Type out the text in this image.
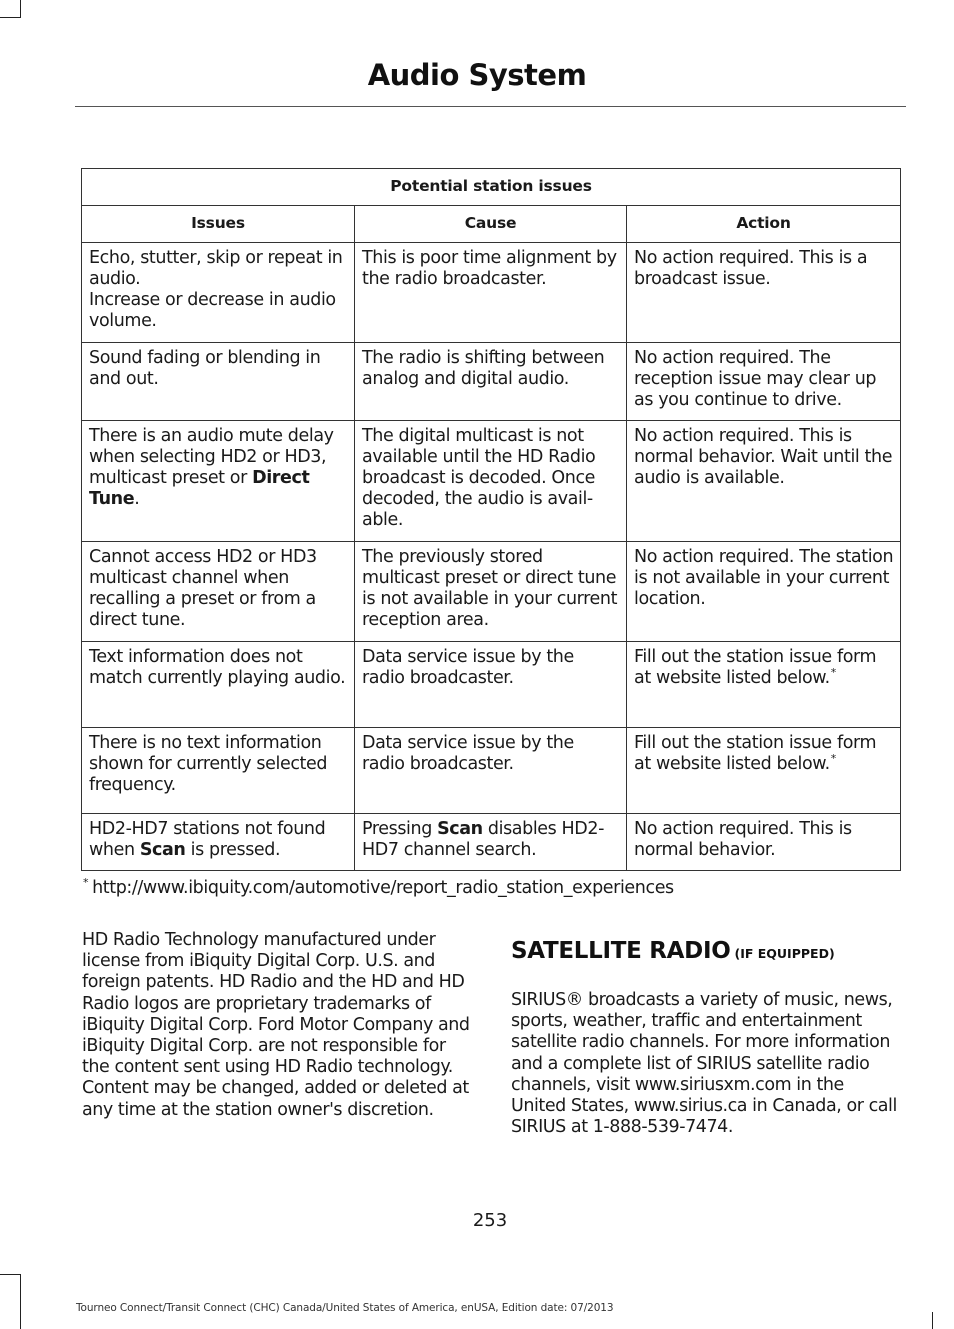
Audio System
Potential station issues		
Issues	Cause	Action

Echo, stutter, skip or repeat in audio.
Increase or decrease in audio volume.	This is poor time alignment by the radio broadcaster.	No action required. This is a broadcast issue.
Sound fading or blending in and out.	The radio is shifting between analog and digital audio.	No action required. The reception issue may clear up as you continue to drive.
There is an audio mute delay when selecting HD2 or HD3, multicast preset or Direct Tune.	The digital multicast is not available until the HD Radio broadcast is decoded. Once decoded, the audio is avail-able.	No action required. This is normal behavior. Wait until the audio is available.
Cannot access HD2 or HD3 multicast channel when recalling a preset or from a direct tune.	The previously stored multicast preset or direct tune is not available in your current reception area.	No action required. The station is not available in your current location.
Text information does not match currently playing audio.	Data service issue by the radio broadcaster.	Fill out the station issue form at website listed below.*
There is no text information shown for currently selected frequency.	Data service issue by the radio broadcaster.	Fill out the station issue form at website listed below.*
HD2-HD7 stations not found when Scan is pressed.	Pressing Scan disables HD2-HD7 channel search.	No action required. This is normal behavior.
* http://www.ibiquity.com/automotive/report_radio_station_experiences
HD Radio Technology manufactured under license from iBiquity Digital Corp. U.S. and foreign patents. HD Radio and the HD and HD Radio logos are proprietary trademarks of iBiquity Digital Corp. Ford Motor Company and iBiquity Digital Corp. are not responsible for the content sent using HD Radio technology. Content may be changed, added or deleted at any time at the station owner's discretion.
SATELLITE RADIO (IF EQUIPPED)
SIRIUS® broadcasts a variety of music, news, sports, weather, traffic and entertainment satellite radio channels. For more information and a complete list of SIRIUS satellite radio channels, visit www.siriusxm.com in the United States, www.sirius.ca in Canada, or call SIRIUS at 1-888-539-7474.
253
Tourneo Connect/Transit Connect (CHC) Canada/United States of America, enUSA, Edition date: 07/2013
